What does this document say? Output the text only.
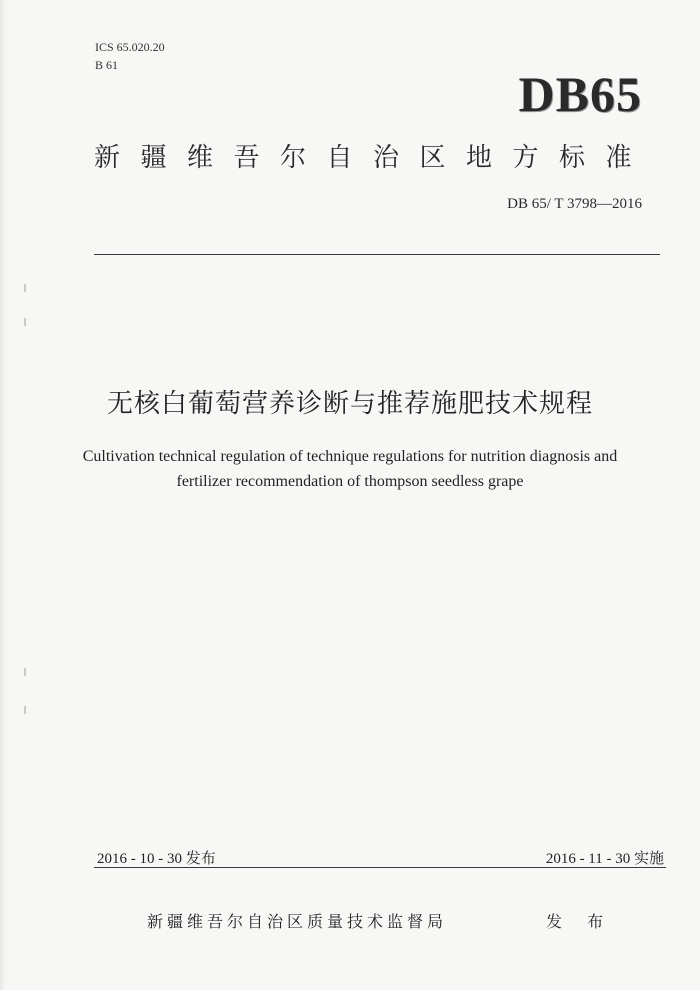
ICS 65.020.20
B 61
DB65
新疆维吾尔自治区地方标准
DB 65/ T 3798—2016
无核白葡萄营养诊断与推荐施肥技术规程
Cultivation technical regulation of technique regulations for nutrition diagnosis and
fertilizer recommendation of thompson seedless grape
2016 - 10 - 30 发布	2016 - 11 - 30 实施
新疆维吾尔自治区质量技术监督局	发 布
